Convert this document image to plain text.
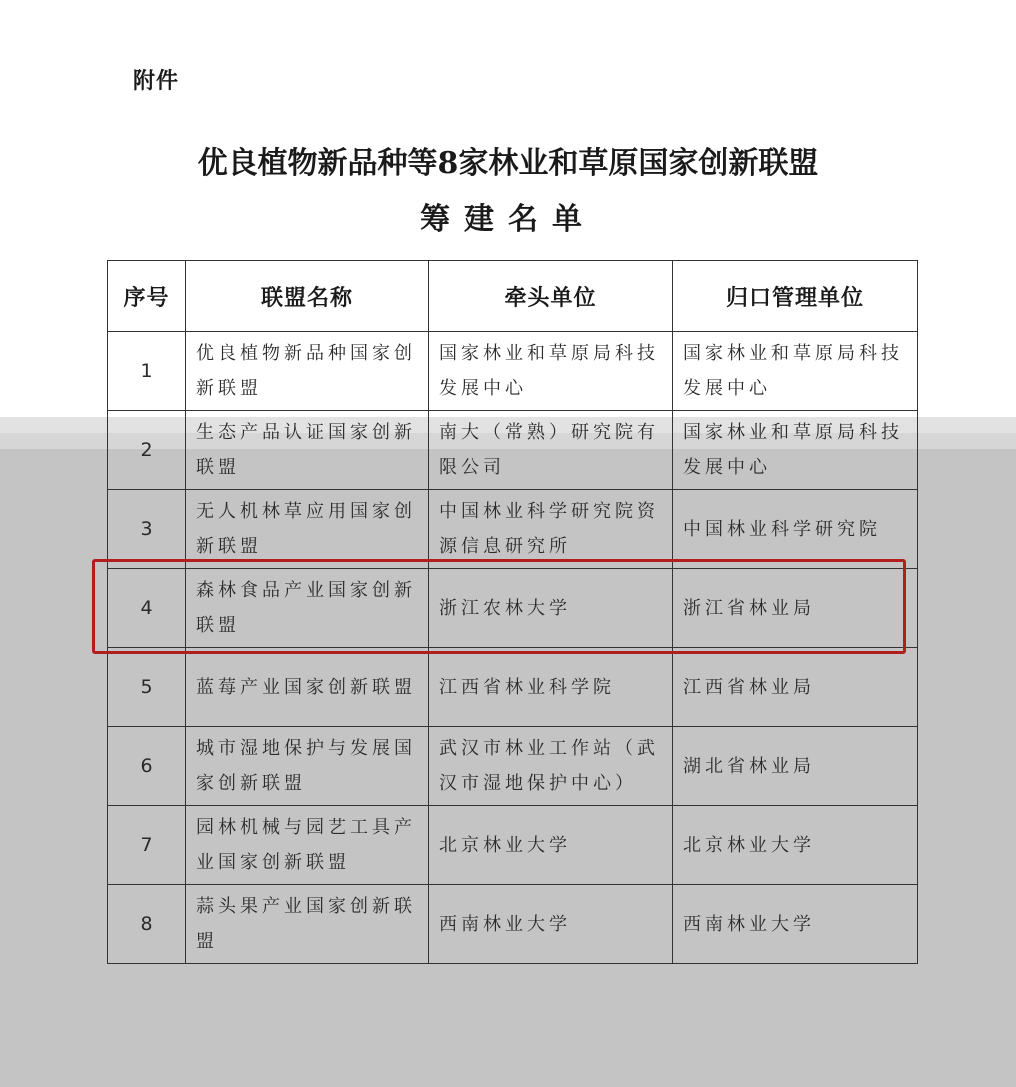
附件
优良植物新品种等8家林业和草原国家创新联盟
筹建名单
序号	联盟名称	牵头单位	归口管理单位
1	优良植物新品种国家创新联盟	国家林业和草原局科技发展中心	国家林业和草原局科技发展中心
2	生态产品认证国家创新联盟	南大（常熟）研究院有限公司	国家林业和草原局科技发展中心
3	无人机林草应用国家创新联盟	中国林业科学研究院资源信息研究所	中国林业科学研究院
4	森林食品产业国家创新联盟	浙江农林大学	浙江省林业局
5	蓝莓产业国家创新联盟	江西省林业科学院	江西省林业局
6	城市湿地保护与发展国家创新联盟	武汉市林业工作站（武汉市湿地保护中心）	湖北省林业局
7	园林机械与园艺工具产业国家创新联盟	北京林业大学	北京林业大学
8	蒜头果产业国家创新联盟	西南林业大学	西南林业大学
